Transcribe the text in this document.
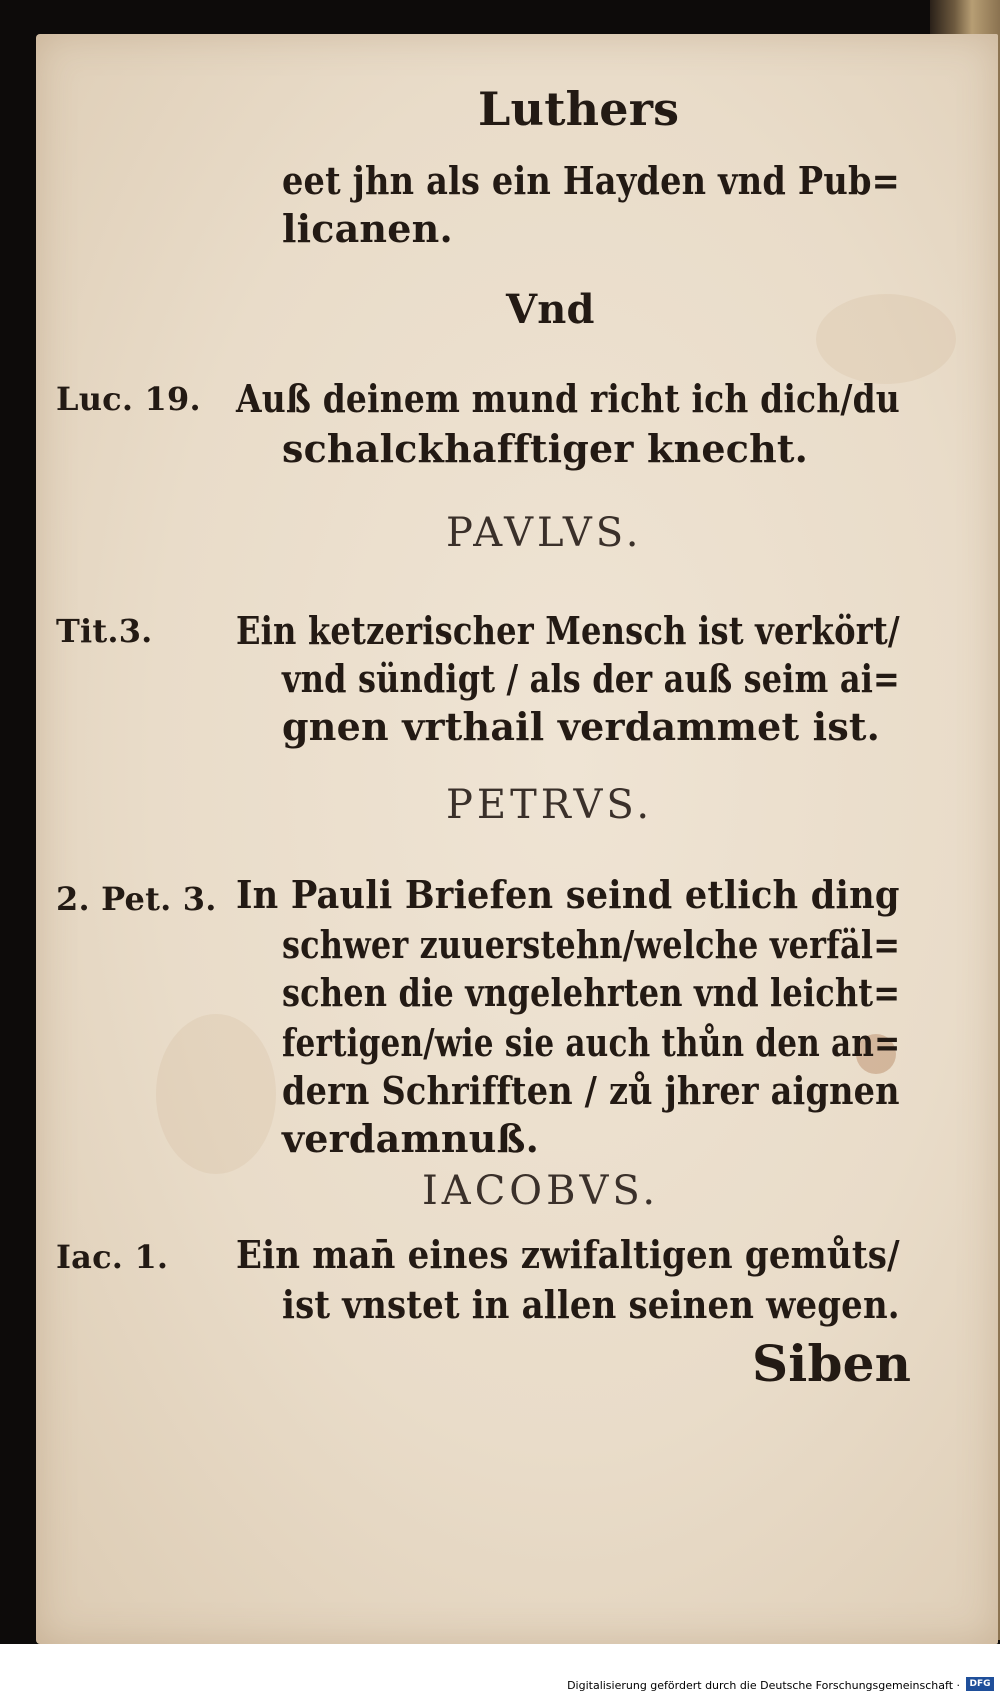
Luthers
eet jhn als ein Hayden vnd Pub=
licanen.
Vnd
Luc. 19. Auß deinem mund richt ich dich/du
schalckhafftiger knecht.
PAVLVS.
Tit.3. Ein ketzerischer Mensch ist verkört/
vnd sündigt / als der auß seim ai=
gnen vrthail verdammet ist.
PETRVS.
2. Pet. 3. In Pauli Briefen seind etlich ding
schwer zuuerstehn/welche verfäl=
schen die vngelehrten vnd leicht=
fertigen/wie sie auch thůn den an=
dern Schrifften / zů jhrer aignen
verdamnuß.
IACOBVS.
Iac. 1. Ein man̄ eines zwifaltigen gemůts/
ist vnstet in allen seinen wegen.
Siben
Digitalisierung gefördert durch die Deutsche Forschungsgemeinschaft ·	DFG
